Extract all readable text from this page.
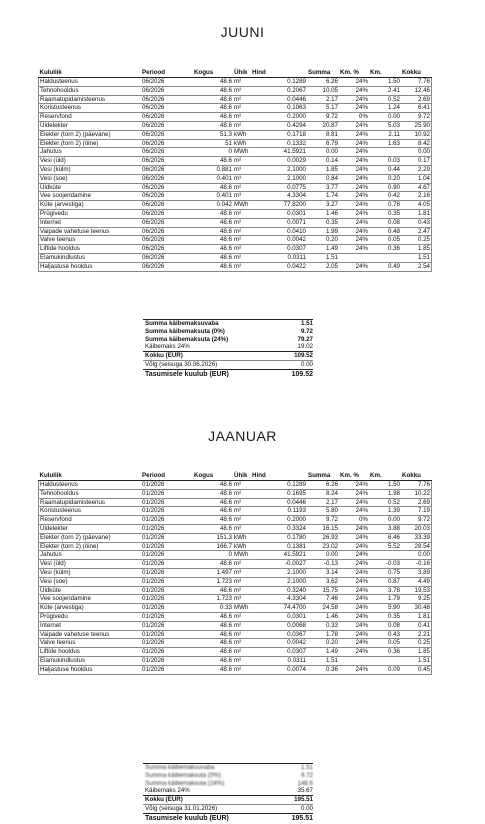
JUUNI
Kululiik	Periood	Kogus	Ühik	Hind	Summa	Km. %	Km.	Kokku
Haldusteenus	06/2026	48.6	m²	0.1289	6.26	24%	1.50	7.76
Tehnohooldus	06/2026	48.6	m²	0.2067	10.05	24%	2.41	12.46
Raamatupidamisteenus	06/2026	48.6	m²	0.0446	2.17	24%	0.52	2.69
Koristusteenus	06/2026	48.6	m²	0.1063	5.17	24%	1.24	6.41
Reservfond	06/2026	48.6	m²	0.2000	9.72	0%	0.00	9.72
Üldelekter	06/2026	48.6	m²	0.4294	20.87	24%	5.03	25.90
Elekter (torn 2) (päevane)	06/2026	51.3	kWh	0.1718	8.81	24%	2.11	10.92
Elekter (torn 2) (öine)	06/2026	51	kWh	0.1332	6.79	24%	1.63	8.42
Jahutus	06/2026	0	MWh	41.5921	0.00	24%		0.00
Vesi (üld)	06/2026	48.6	m²	0.0029	0.14	24%	0.03	0.17
Vesi (külm)	06/2026	0.881	m³	2.1000	1.85	24%	0.44	2.29
Vesi (soe)	06/2026	0.401	m³	2.1000	0.84	24%	0.20	1.04
Üldküte	06/2026	48.6	m²	0.0775	3.77	24%	0.90	4.67
Vee soojendamine	06/2026	0.401	m³	4.3304	1.74	24%	0.42	2.16
Küte (arvestiga)	06/2026	0.042	MWh	77.8200	3.27	24%	0.78	4.05
Prügivedu	06/2026	48.6	m²	0.0301	1.46	24%	0.35	1.81
Internet	06/2026	48.6	m²	0.0071	0.35	24%	0.08	0.43
Vaipade vahetuse teenus	06/2026	48.6	m²	0.0410	1.99	24%	0.48	2.47
Valve teenus	06/2026	48.6	m²	0.0042	0.20	24%	0.05	0.25
Liftide hooldus	06/2026	48.6	m²	0.0307	1.49	24%	0.36	1.85
Elamukindlustus	06/2026	48.6	m²	0.0311	1.51			1.51
Haljastuse hooldus	06/2026	48.6	m²	0.0422	2.05	24%	0.49	2.54
Summa käibemaksuvaba	1.51
Summa käibemaksuta (0%)	9.72
Summa käibemaksuta (24%)	79.27
Käibemaks 24%	19.02
Kokku (EUR)	109.52
Võlg (seisuga 30.06.2026)	0.00
Tasumisele kuulub (EUR)	109.52
JAANUAR
Kululiik	Periood	Kogus	Ühik	Hind	Summa	Km. %	Km.	Kokku
Haldusteenus	01/2026	48.6	m²	0.1289	6.26	24%	1.50	7.76
Tehnohooldus	01/2026	48.6	m²	0.1695	8.24	24%	1.98	10.22
Raamatupidamisteenus	01/2026	48.6	m²	0.0446	2.17	24%	0.52	2.69
Koristusteenus	01/2026	48.6	m²	0.1193	5.80	24%	1.39	7.19
Reservfond	01/2026	48.6	m²	0.2000	9.72	0%	0.00	9.72
Üldelekter	01/2026	48.6	m²	0.3324	16.15	24%	3.88	20.03
Elekter (torn 2) (päevane)	01/2026	151.3	kWh	0.1780	26.93	24%	6.46	33.39
Elekter (torn 2) (öine)	01/2026	166.7	kWh	0.1381	23.02	24%	5.52	28.54
Jahutus	01/2026	0	MWh	41.5921	0.00	24%		0.00
Vesi (üld)	01/2026	48.6	m²	-0.0027	-0.13	24%	-0.03	-0.16
Vesi (külm)	01/2026	1.497	m³	2.1000	3.14	24%	0.75	3.89
Vesi (soe)	01/2026	1.723	m³	2.1000	3.62	24%	0.87	4.49
Üldküte	01/2026	48.6	m²	0.3240	15.75	24%	3.78	19.53
Vee soojendamine	01/2026	1.723	m³	4.3304	7.46	24%	1.79	9.25
Küte (arvestiga)	01/2026	0.33	MWh	74.4700	24.58	24%	5.90	30.48
Prügivedu	01/2026	48.6	m²	0.0301	1.46	24%	0.35	1.81
Internet	01/2026	48.6	m²	0.0068	0.33	24%	0.08	0.41
Vaipade vahetuse teenus	01/2026	48.6	m²	0.0367	1.78	24%	0.43	2.21
Valve teenus	01/2026	48.6	m²	0.0042	0.20	24%	0.05	0.25
Liftide hooldus	01/2026	48.6	m²	0.0307	1.49	24%	0.36	1.85
Elamukindlustus	01/2026	48.6	m²	0.0311	1.51			1.51
Haljastuse hooldus	01/2026	48.6	m²	0.0074	0.36	24%	0.09	0.45
Summa käibemaksuvaba	1.51
Summa käibemaksuta (0%)	9.72
Summa käibemaksuta (24%)	148.6
Käibemaks 24%	35.67
Kokku (EUR)	195.51
Võlg (seisuga 31.01.2026)	0.00
Tasumisele kuulub (EUR)	195.51
